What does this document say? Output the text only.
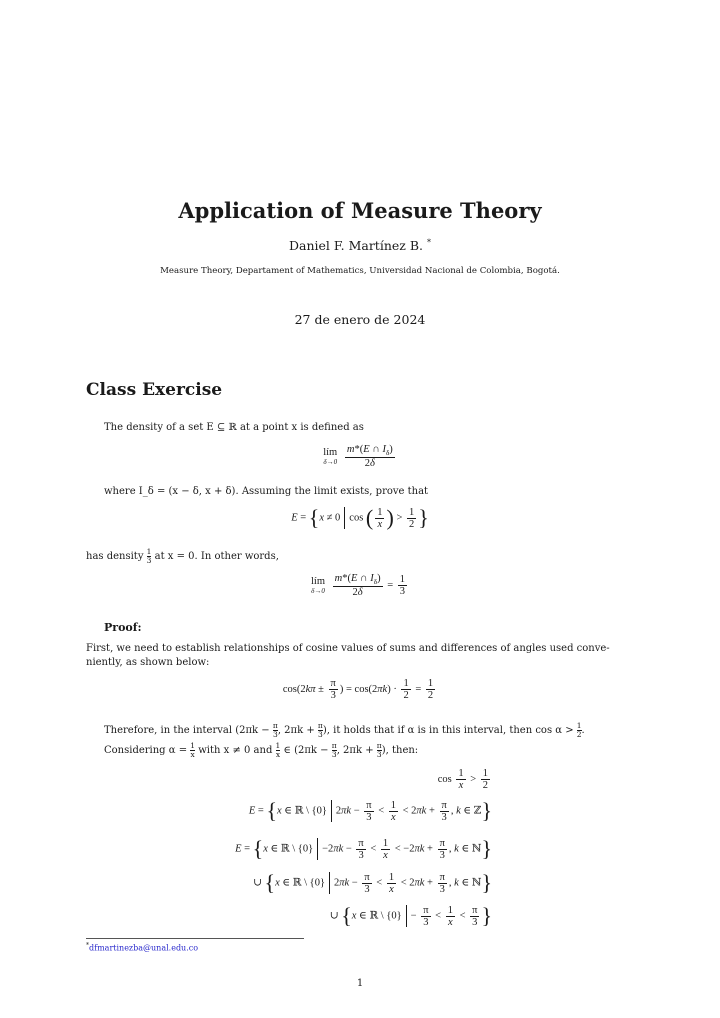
Application of Measure Theory
Daniel F. Martínez B. *
Measure Theory, Departament of Mathematics, Universidad Nacional de Colombia, Bogotá.
27 de enero de 2024
Class Exercise
The density of a set E ⊆ ℝ at a point x is defined as
lím
δ→0
$\frac{m*(E \cap I_\delta)}{2\delta}$
where I_δ = (x − δ, x + δ). Assuming the limit exists, prove that
E = {x ≠ 0 cos ( $\frac{1}{x}$ ) > $\frac{1}{2}$ }
has density $\frac{1}{3}$ at x = 0. In other words,
lím
δ→0
$\frac{m*(E \cap I_\delta)}{2\delta} = \frac{1}{3}$
Proof:
First, we need to establish relationships of cosine values of sums and differences of angles used conve-
niently, as shown below:
$\cos(2k\pi \pm \frac{\pi}{3}$ ) = $\cos(2\pi k) \cdot \frac{1}{2} = \frac{1}{2}$
Therefore, in the interval ($2\pi k - \frac{\pi}{3}$ , $2\pi k + \frac{\pi}{3}$ ), it holds that if α is in this interval, then $\cos \alpha > \frac{1}{2}$ .
Considering $\alpha = \frac{1}{x}$ with x ≠ 0 and $\frac{1}{x}$ ∈ ($2\pi k - \frac{\pi}{3}$ , $2\pi k + \frac{\pi}{3}$ ), then:
$\cos \frac{1}{x} > \frac{1}{2}$
E = {x ∈ ℝ \ {0} $2\pi k - \frac{\pi}{3} < \frac{1}{x} < 2\pi k + \frac{\pi}{3}$ , k ∈ ℤ}
E = {x ∈ ℝ \ $\{0\} -2\pi k - \frac{\pi}{3} < \frac{1}{x} < -2\pi k + \frac{\pi}{3}$ , k ∈ ℕ}
∪ {x ∈ ℝ \ {0} $2\pi k - \frac{\pi}{3} < \frac{1}{x} < 2\pi k + \frac{\pi}{3}$ , k ∈ ℕ}
∪ {x ∈ ℝ \ $\{0\} - \frac{\pi}{3} < \frac{1}{x} < \frac{\pi}{3}$ }
*dfmartinezba@unal.edu.co
1
